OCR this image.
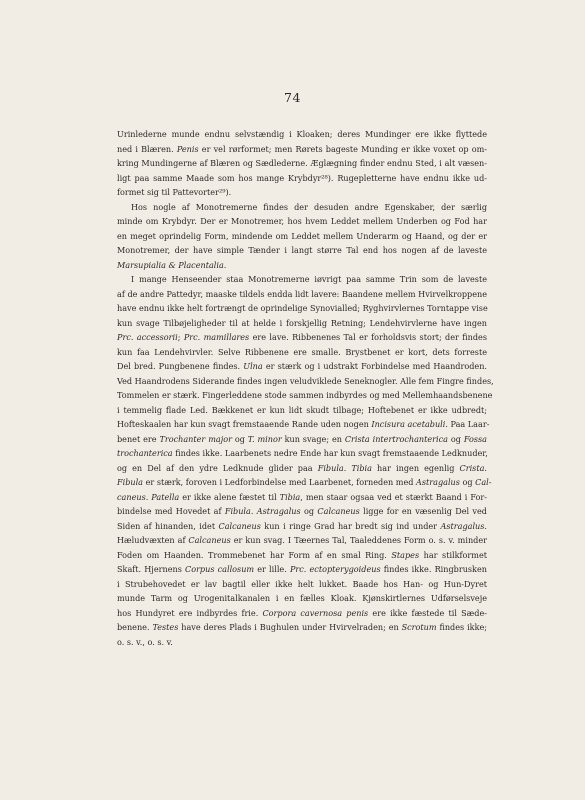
74
Urinlederne munde endnu selvstændig i Kloaken; deres Mundinger ere ikke flyttede
ned i Blæren. Penis er vel rørformet; men Rørets bageste Munding er ikke voxet op om-
kring Mundingerne af Blæren og Sædlederne. Æglægning finder endnu Sted, i alt væsen-
ligt paa samme Maade som hos mange Krybdyr²⁸). Rugepletterne have endnu ikke ud-
formet sig til Pattevorter²⁹).
Hos nogle af Monotremerne findes der desuden andre Egenskaber, der særlig
minde om Krybdyr. Der er Monotremer, hos hvem Leddet mellem Underben og Fod har
en meget oprindelig Form, mindende om Leddet mellem Underarm og Haand, og der er
Monotremer, der have simple Tænder i langt større Tal end hos nogen af de laveste
Marsupialia & Placentalia.
I mange Henseender staa Monotremerne iøvrigt paa samme Trin som de laveste
af de andre Pattedyr, maaske tildels endda lidt lavere: Baandene mellem Hvirvelkroppene
have endnu ikke helt fortrængt de oprindelige Synovialled; Ryghvirvlernes Torntappe vise
kun svage Tilbøjeligheder til at helde i forskjellig Retning; Lendehvirvlerne have ingen
Prc. accessorii; Prc. mamillares ere lave. Ribbenenes Tal er forholdsvis stort; der findes
kun faa Lendehvirvler. Selve Ribbenene ere smalle. Brystbenet er kort, dets forreste
Del bred. Pungbenene findes. Ulna er stærk og i udstrakt Forbindelse med Haandroden.
Ved Haandrodens Siderande findes ingen veludviklede Seneknogler. Alle fem Fingre findes,
Tommelen er stærk. Fingerleddene stode sammen indbyrdes og med Mellemhaandsbenene
i temmelig flade Led. Bækkenet er kun lidt skudt tilbage; Hoftebenet er ikke udbredt;
Hofteskaalen har kun svagt fremstaaende Rande uden nogen Incisura acetabuli. Paa Laar-
benet ere Trochanter major og T. minor kun svage; en Crista intertrochanterica og Fossa
trochanterica findes ikke. Laarbenets nedre Ende har kun svagt fremstaaende Ledknuder,
og en Del af den ydre Ledknude glider paa Fibula. Tibia har ingen egenlig Crista.
Fibula er stærk, foroven i Ledforbindelse med Laarbenet, forneden med Astragalus og Cal-
caneus. Patella er ikke alene fæstet til Tibia, men staar ogsaa ved et stærkt Baand i For-
bindelse med Hovedet af Fibula. Astragalus og Calcaneus ligge for en væsenlig Del ved
Siden af hinanden, idet Calcaneus kun i ringe Grad har bredt sig ind under Astragalus.
Hæludvæxten af Calcaneus er kun svag. I Tæernes Tal, Taaleddenes Form o. s. v. minder
Foden om Haanden. Trommebenet har Form af en smal Ring. Stapes har stilkformet
Skaft. Hjernens Corpus callosum er lille. Prc. ectopterygoideus findes ikke. Ringbrusken
i Strubehovedet er lav bagtil eller ikke helt lukket. Baade hos Han- og Hun-Dyret
munde Tarm og Urogenitalkanalen i en fælles Kloak. Kjønskirtlernes Udførselsveje
hos Hundyret ere indbyrdes frie. Corpora cavernosa penis ere ikke fæstede til Sæde-
benene. Testes have deres Plads i Bughulen under Hvirvelraden; en Scrotum findes ikke;
o. s. v., o. s. v.
